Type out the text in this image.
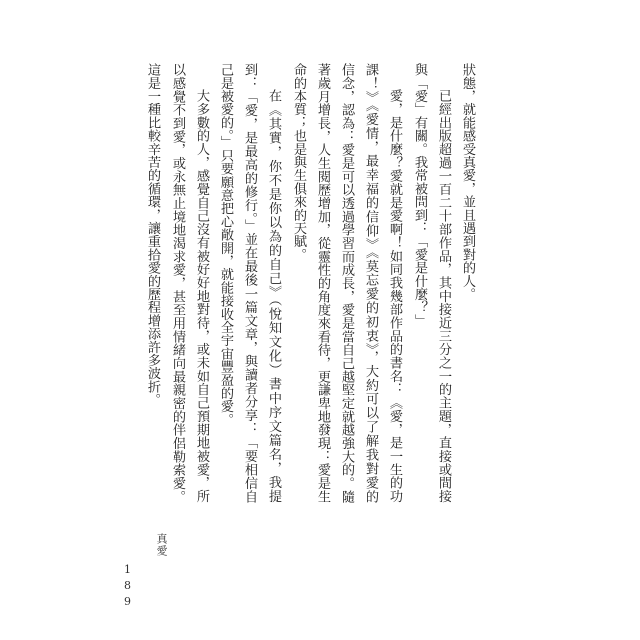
狀態，就能感受真愛，並且遇到對的人。
已經出版超過一百二十部作品，其中接近三分之一的主題，直接或間接
與「愛」有關。我常被問到：「愛是什麼？」
愛，是什麼？愛就是愛啊！如同我幾部作品的書名：《愛，是一生的功
課！》《愛情，最幸福的信仰》《莫忘愛的初衷》，大約可以了解我對愛的
信念，認為：愛是可以透過學習而成長，愛是當自己越堅定就越強大的。隨
著歲月增長，人生閱歷增加，從靈性的角度來看待，更謙卑地發現：愛是生
命的本質；也是與生俱來的天賦。
在《其實，你不是你以為的自己》（悅知文化）書中序文篇名，我提
到：「愛，是最高的修行。」並在最後一篇文章，與讀者分享：「要相信自
己是被愛的。」只要願意把心敞開，就能接收全宇宙豐盈的愛。
大多數的人，感覺自己沒有被好好地對待，或未如自己預期地被愛，所
以感覺不到愛，或永無止境地渴求愛，甚至用情緒向最親密的伴侶勒索愛。
這是一種比較辛苦的循環，讓重拾愛的歷程增添許多波折。
真愛
189
